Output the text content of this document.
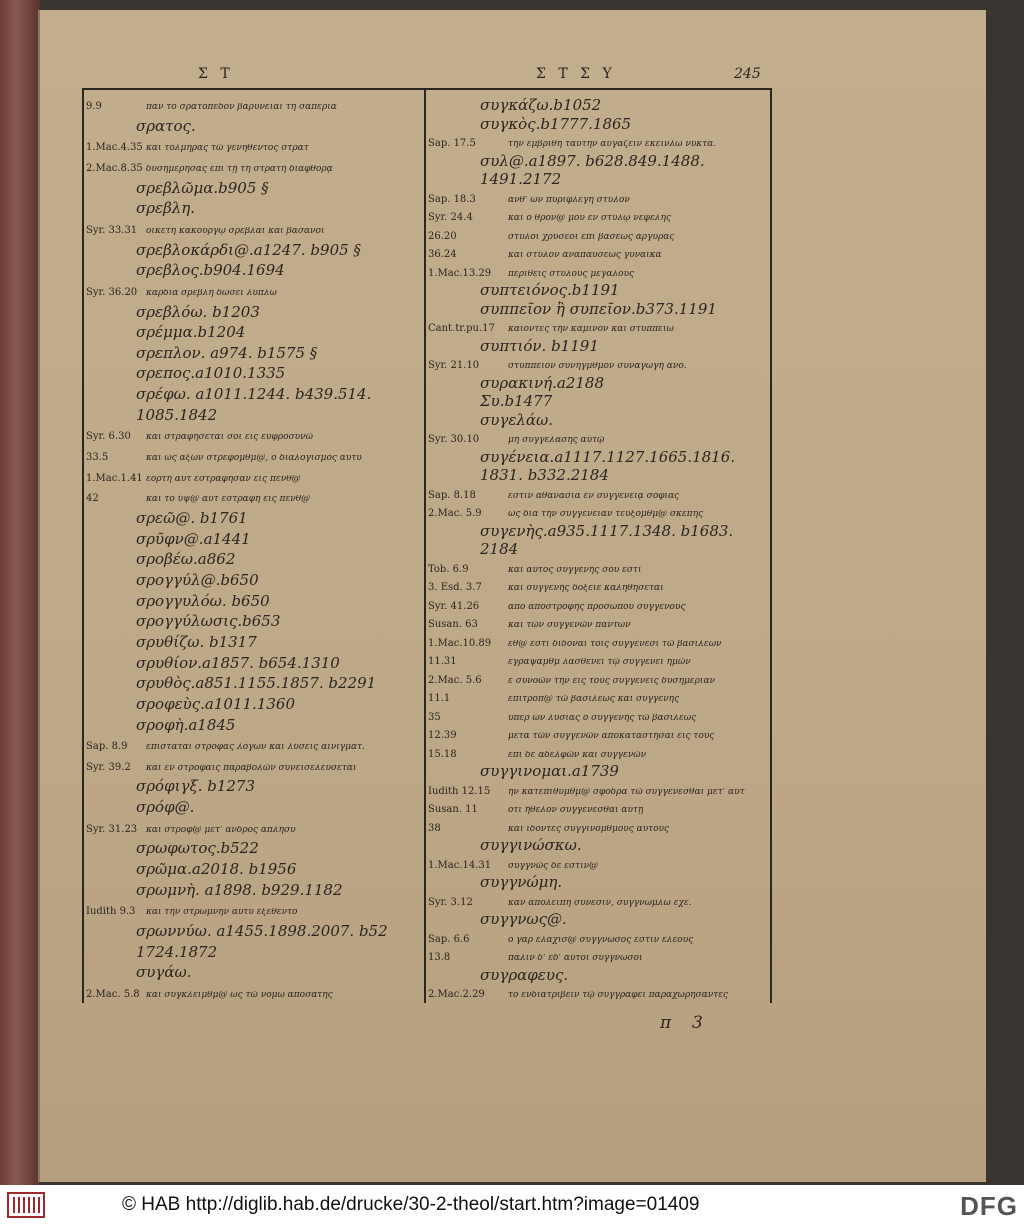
Σ Τ	Σ Τ Σ Υ	245
9.9	πάν τὸ σρατόπεδον βαρυνεῖαι τῆ σαπερία
σρατος.
1.Mac.4.35 καὶ τολμηρὰς τῶ γενηθέντος στρατ
2.Mac.8.35 δυσημερήσας ἐπὶ τῇ τῆ στρατῆ διαφθορᾷ
σρεβλῶμα.b905 §
σρεβλη.
Syr. 33.31 οἰκέτη κακούργῳ σρέβλαι καὶ βάσανοι
σρεβλοκάρδι@.a1247. b905 §
σρεβλος.b904.1694
Syr. 36.20 καρδία σρεβλὴ δώσει λύπλω
σρεβλόω. b1203
σρέμμα.b1204
σρεπλον. a974. b1575 §
σρεπος.a1010.1335
σρέφω. a1011.1244. b439.514.
1085.1842
Syr. 6.30 καὶ στραφήσεταί σοι εἰς εὐφροσυνῶ
33.5	καὶ ὡς ἄξων στρεφόμθμ@, ὁ διαλογισμὸς αὐτῦ
1.Mac.1.41 ἑορτὴ αὐτ ἐστράφησαν εἰς πένθ@
42	καὶ τὸ ὕψ@ αὐτ ἐστράφη εἰς πένθ@
σρεῶ@. b1761
σρῦφν@.a1441
σροβέω.a862
σρογγύλ@.b650
σρογγυλόω. b650
σρογγύλωσις.b653
σρυθίζω. b1317
σρυθίον.a1857. b654.1310
σρυθὸς.a851.1155.1857. b2291
σροφεὺς.a1011.1360
σροφὴ.a1845
Sap. 8.9 ἐπίσταται στροφὰς λόγων καὶ λύσεις αἰνιγμάτ.
Syr. 39.2 καὶ ἐν στροφαῖς παραβολῶν συνεισελεύσεται
σρόφιγξ. b1273
σρόφ@.
Syr. 31.23 καὶ στρόφ@ μετ' ἀνδρὸς ἀπλήσυ
σρωφωτος.b522
σρῶμα.a2018. b1956
σρωμνὴ. a1898. b929.1182
Iudith 9.3 καὶ τὴν στρωμνὴν αὐτῦ ἐξεθεντο
σρωννύω. a1455.1898.2007. b52
1724.1872
συγάω.
2.Mac. 5.8 καὶ συγκλείμθμ@ ὡς τῶ νόμω ἀποσάτης
συγκάζω.b1052
συγκὸς.b1777.1865
Sap. 17.5	τὴν ἐμβριθῆ ταύτην αὐγάζειν ἐκείνλω νύκτα.
συλ@.a1897. b628.849.1488.
1491.2172
Sap. 18.3	ἀνθ' ὧν πυριφλεγῆ στῦλον
Syr. 24.4	καὶ ὁ θρόν@ μου ἐν στύλῳ νεφέλης
26.20	στῦλοι χρύσεοι ἐπὶ βάσεως ἀργυρᾶς
36.24	καὶ στῦλον ἀναπαύσεως γυναῖκα
1.Mac.13.29 περιθεὶς στύλους μεγάλους
συπτειόνος.b1191
συππεῖον ἢ συπεῖον.b373.1191
Cant.tr.pu.17 καίοντες τὴν κάμινον καὶ στυππεῖω
συπτιόν. b1191
Syr. 21.10	στυππεῖον συνηγμθμον συναγωγὴ ἀνό.
συρακινή.a2188
Συ.b1477
συγελάω.
Syr. 30.10	μὴ συγγελάσης αὐτῷ
συγένεια.a1117.1127.1665.1816.
1831. b332.2184
Sap. 8.18	ἔστιν ἀθανασία ἐν συγγενείᾳ σοφίας
2.Mac. 5.9	ὡς διὰ τὴν συγγένειαν τευξόμθμ@ σκέπης
συγενὴς.a935.1117.1348. b1683.
2184
Tob. 6.9	καὶ αὐτὸς συγγενὴς σου ἐστὶ
3. Esd. 3.7	καὶ συγγενὴς δόξειε καλήθησεται
Syr. 41.26	ἀπὸ ἀποστροφῆς προσώπου συγγενοῦς
Susan. 63	καὶ τῶν συγγενῶν πάντων
1.Mac.10.89 ἔθ@ ἐστὶ διδόναι τοῖς συγγενέσι τῶ βασιλέων
11.31	ἐγράψαμθμ λασθένει τῷ συγγενεῖ ἡμῶν
2.Mac. 5.6	ἐ συνοῶν τὴν εἰς τοὺς συγγενεῖς δυσημερίαν
11.1	ἐπίτροπ@ τῶ βασιλέως καὶ συγγενὴς
35	ὑπὲρ ὧν λυσίας ὁ συγγενὴς τῶ βασιλέως
12.39	μετὰ τῶν συγγενῶν ἀποκαταστῆσαι εἰς τοὺς
15.18	ἐπὶ δὲ ἀδελφῶν καὶ συγγενῶν
συγγινομαι.a1739
Iudith 12.15 ἦν κατεπιθυμθμ@ σφόδρα τῶ συγγενέσθαι μετ' αὐτ
Susan. 11	ὅτι ἤθελον συγγενέσθαι αὐτῇ
38	καὶ ἰδόντες συγγινομθμους αὐτοὺς
συγγινώσκω.
1.Mac.14.31 συγγνῶς δὲ ἔστιν@
συγγνώμη.
Syr. 3.12	κἂν ἀπολείπη σύνεσιν, συγγνώμλω ἔχε.
συγγνως@.
Sap. 6.6	ὁ γὰρ ἐλάχισ@ συγγνωσός ἐστιν ἐλέους
13.8	πάλιν δ' ἐδ' αὐτοὶ συγγνωσοί
συγραφευς.
2.Mac.2.29	τὸ ἐνδιατρίβειν τῷ συγγραφεῖ παραχωρήσαντες
π 3
© HAB http://diglib.hab.de/drucke/30-2-theol/start.htm?image=01409	DFG
